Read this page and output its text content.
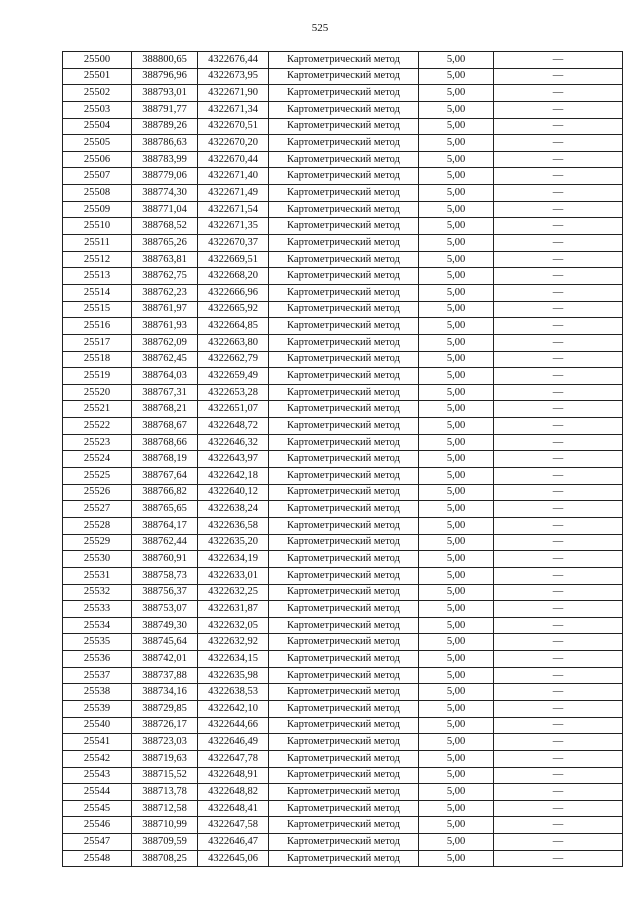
525
25500	388800,65	4322676,44	Картометрический метод	5,00	—
25501	388796,96	4322673,95	Картометрический метод	5,00	—
25502	388793,01	4322671,90	Картометрический метод	5,00	—
25503	388791,77	4322671,34	Картометрический метод	5,00	—
25504	388789,26	4322670,51	Картометрический метод	5,00	—
25505	388786,63	4322670,20	Картометрический метод	5,00	—
25506	388783,99	4322670,44	Картометрический метод	5,00	—
25507	388779,06	4322671,40	Картометрический метод	5,00	—
25508	388774,30	4322671,49	Картометрический метод	5,00	—
25509	388771,04	4322671,54	Картометрический метод	5,00	—
25510	388768,52	4322671,35	Картометрический метод	5,00	—
25511	388765,26	4322670,37	Картометрический метод	5,00	—
25512	388763,81	4322669,51	Картометрический метод	5,00	—
25513	388762,75	4322668,20	Картометрический метод	5,00	—
25514	388762,23	4322666,96	Картометрический метод	5,00	—
25515	388761,97	4322665,92	Картометрический метод	5,00	—
25516	388761,93	4322664,85	Картометрический метод	5,00	—
25517	388762,09	4322663,80	Картометрический метод	5,00	—
25518	388762,45	4322662,79	Картометрический метод	5,00	—
25519	388764,03	4322659,49	Картометрический метод	5,00	—
25520	388767,31	4322653,28	Картометрический метод	5,00	—
25521	388768,21	4322651,07	Картометрический метод	5,00	—
25522	388768,67	4322648,72	Картометрический метод	5,00	—
25523	388768,66	4322646,32	Картометрический метод	5,00	—
25524	388768,19	4322643,97	Картометрический метод	5,00	—
25525	388767,64	4322642,18	Картометрический метод	5,00	—
25526	388766,82	4322640,12	Картометрический метод	5,00	—
25527	388765,65	4322638,24	Картометрический метод	5,00	—
25528	388764,17	4322636,58	Картометрический метод	5,00	—
25529	388762,44	4322635,20	Картометрический метод	5,00	—
25530	388760,91	4322634,19	Картометрический метод	5,00	—
25531	388758,73	4322633,01	Картометрический метод	5,00	—
25532	388756,37	4322632,25	Картометрический метод	5,00	—
25533	388753,07	4322631,87	Картометрический метод	5,00	—
25534	388749,30	4322632,05	Картометрический метод	5,00	—
25535	388745,64	4322632,92	Картометрический метод	5,00	—
25536	388742,01	4322634,15	Картометрический метод	5,00	—
25537	388737,88	4322635,98	Картометрический метод	5,00	—
25538	388734,16	4322638,53	Картометрический метод	5,00	—
25539	388729,85	4322642,10	Картометрический метод	5,00	—
25540	388726,17	4322644,66	Картометрический метод	5,00	—
25541	388723,03	4322646,49	Картометрический метод	5,00	—
25542	388719,63	4322647,78	Картометрический метод	5,00	—
25543	388715,52	4322648,91	Картометрический метод	5,00	—
25544	388713,78	4322648,82	Картометрический метод	5,00	—
25545	388712,58	4322648,41	Картометрический метод	5,00	—
25546	388710,99	4322647,58	Картометрический метод	5,00	—
25547	388709,59	4322646,47	Картометрический метод	5,00	—
25548	388708,25	4322645,06	Картометрический метод	5,00	—
